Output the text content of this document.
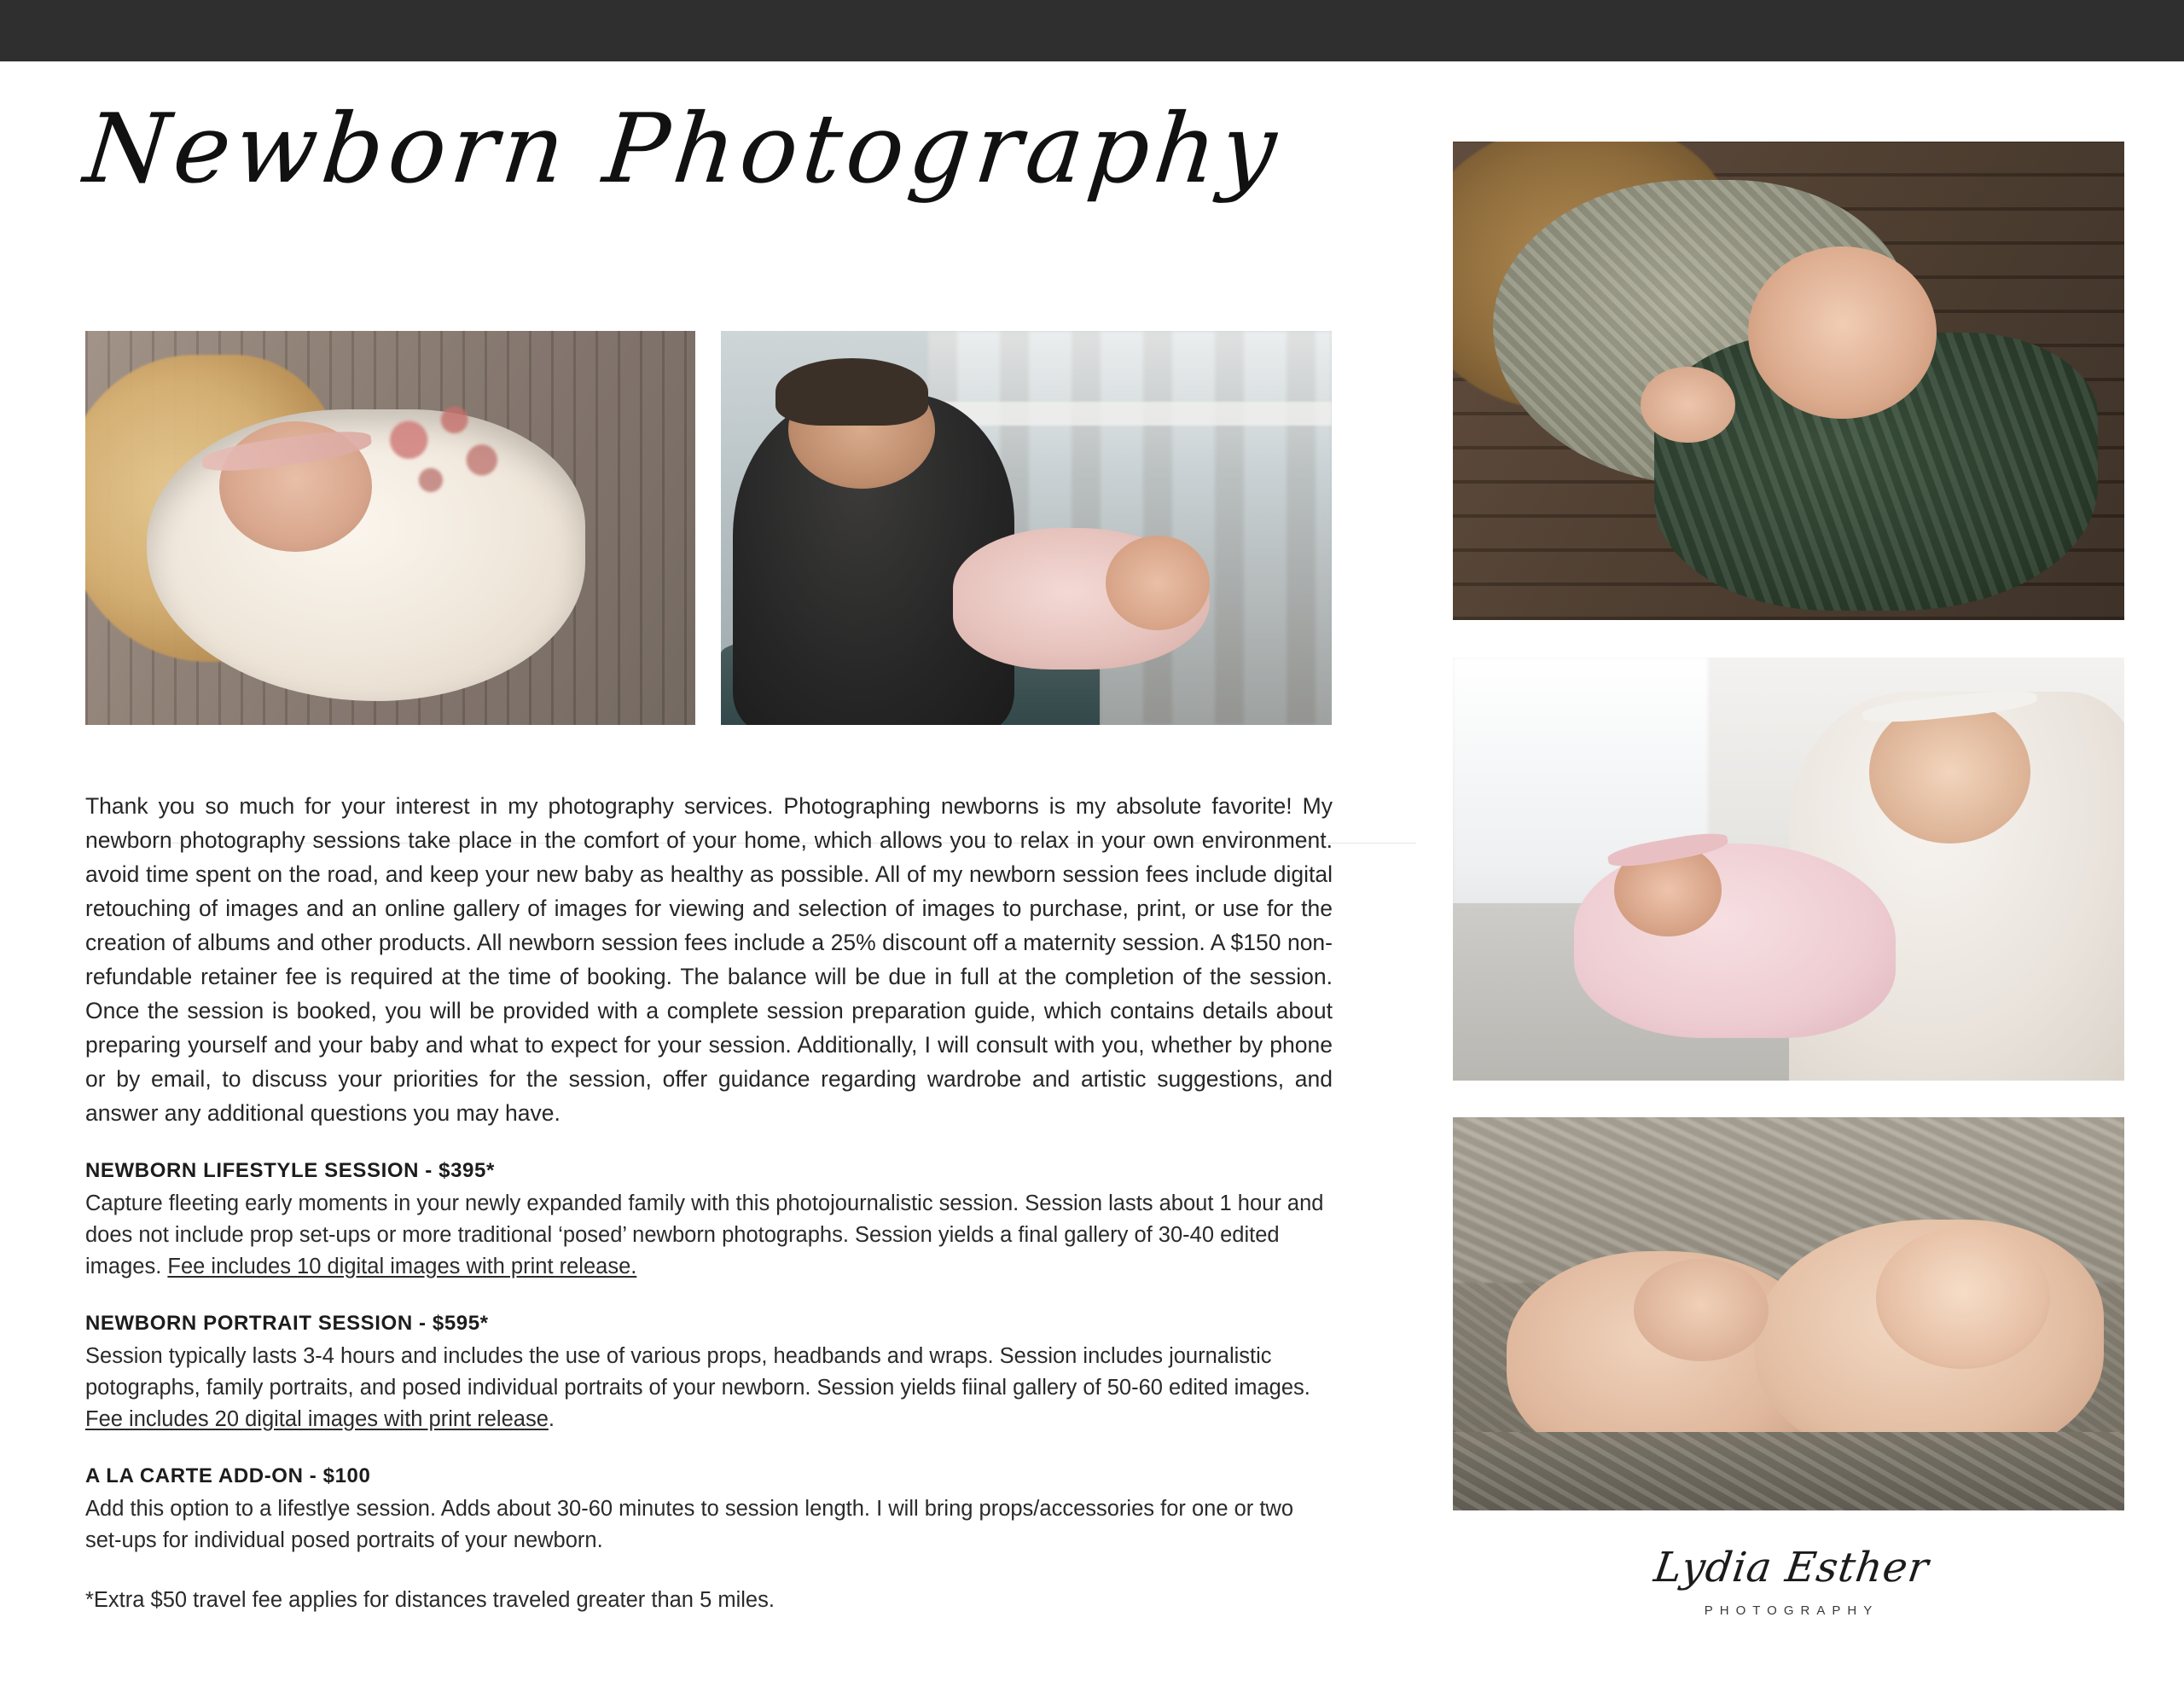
Newborn Photography

Thank you so much for your interest in my photography services. Photographing newborns is my absolute favorite! My newborn photography sessions take place in the comfort of your home, which allows you to relax in your own environment. avoid time spent on the road, and keep your new baby as healthy as possible. All of my newborn session fees include digital retouching of images and an online gallery of images for viewing and selection of images to purchase, print, or use for the creation of albums and other products. All newborn session fees include a 25% discount off a maternity session. A $150 non-refundable retainer fee is required at the time of booking. The balance will be due in full at the completion of the session. Once the session is booked, you will be provided with a complete session preparation guide, which contains details about preparing yourself and your baby and what to expect for your session. Additionally, I will consult with you, whether by phone or by email, to discuss your priorities for the session, offer guidance regarding wardrobe and artistic suggestions, and answer any additional questions you may have.

NEWBORN LIFESTYLE SESSION - $395*

Capture fleeting early moments in your newly expanded family with this photojournalistic session. Session lasts about 1 hour and does not include prop set-ups or more traditional ‘posed’ newborn photographs. Session yields a final gallery of 30-40 edited images. Fee includes 10 digital images with print release.

NEWBORN PORTRAIT SESSION - $595*

Session typically lasts 3-4 hours and includes the use of various props, headbands and wraps. Session includes journalistic potographs, family portraits, and posed individual portraits of your newborn. Session yields fiinal gallery of 50-60 edited images. Fee includes 20 digital images with print release.

A LA CARTE ADD-ON - $100

Add this option to a lifestlye session. Adds about 30-60 minutes to session length. I will bring props/accessories for one or two set-ups for individual posed portraits of your newborn.

*Extra $50 travel fee applies for distances traveled greater than 5 miles.

Lydia Esther
PHOTOGRAPHY
